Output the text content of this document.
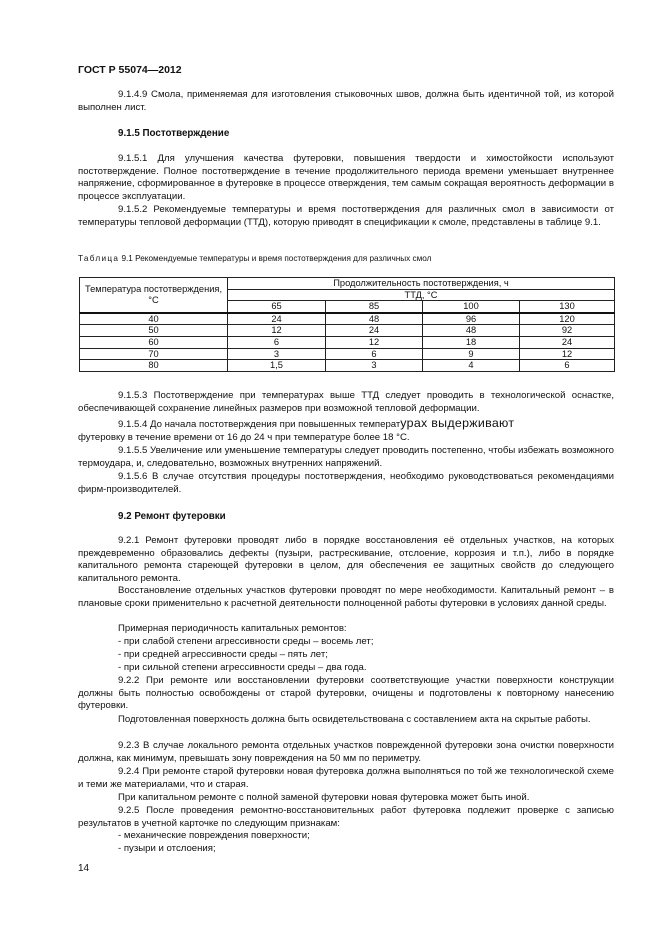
ГОСТ Р 55074—2012
9.1.4.9 Смола, применяемая для изготовления стыковочных швов, должна быть идентичной той, из которой выполнен лист.
9.1.5 Постотверждение
9.1.5.1 Для улучшения качества футеровки, повышения твердости и химостойкости используют постотверждение. Полное постотверждение в течение продолжительного периода времени уменьшает внутреннее напряжение, сформированное в футеровке в процессе отверждения, тем самым сокращая вероятность деформации в процессе эксплуатации.
9.1.5.2 Рекомендуемые температуры и время постотверждения для различных смол в зависимости от температуры тепловой деформации (ТТД), которую приводят в спецификации к смоле, представлены в таблице 9.1.
Таблица 9.1 Рекомендуемые температуры и время постотверждения для различных смол
Температура постотверждения, °С	Продолжительность постотверждения, ч			
	ТТД, °С			
	65	85	100	130
40	24	48	96	120
50	12	24	48	92
60	6	12	18	24
70	3	6	9	12
80	1,5	3	4	6
9.1.5.3 Постотверждение при температурах выше ТТД следует проводить в технологической оснастке, обеспечивающей сохранение линейных размеров при возможной тепловой деформации.
9.1.5.4 До начала постотверждения при повышенных температурах выдерживают
футеровку в течение времени от 16 до 24 ч при температуре более 18 °С.
9.1.5.5 Увеличение или уменьшение температуры следует проводить постепенно, чтобы избежать возможного термоудара, и, следовательно, возможных внутренних напряжений.
9.1.5.6 В случае отсутствия процедуры постотверждения, необходимо руководствоваться рекомендациями фирм-производителей.
9.2 Ремонт футеровки
9.2.1 Ремонт футеровки проводят либо в порядке восстановления её отдельных участков, на которых преждевременно образовались дефекты (пузыри, растрескивание, отслоение, коррозия и т.п.), либо в порядке капитального ремонта стареющей футеровки в целом, для обеспечения ее защитных свойств до следующего капитального ремонта.
Восстановление отдельных участков футеровки проводят по мере необходимости. Капитальный ремонт – в плановые сроки применительно к расчетной деятельности полноценной работы футеровки в условиях данной среды.
Примерная периодичность капитальных ремонтов:
- при слабой степени агрессивности среды – восемь лет;
- при средней агрессивности среды – пять лет;
- при сильной степени агрессивности среды – два года.
9.2.2 При ремонте или восстановлении футеровки соответствующие участки поверхности конструкции должны быть полностью освобождены от старой футеровки, очищены и подготовлены к повторному нанесению футеровки.
Подготовленная поверхность должна быть освидетельствована с составлением акта на скрытые работы.
9.2.3 В случае локального ремонта отдельных участков поврежденной футеровки зона очистки поверхности должна, как минимум, превышать зону повреждения на 50 мм по периметру.
9.2.4 При ремонте старой футеровки новая футеровка должна выполняться по той же технологической схеме и теми же материалами, что и старая.
При капитальном ремонте с полной заменой футеровки новая футеровка может быть иной.
9.2.5 После проведения ремонтно-восстановительных работ футеровка подлежит проверке с записью результатов в учетной карточке по следующим признакам:
- механические повреждения поверхности;
- пузыри и отслоения;
14
